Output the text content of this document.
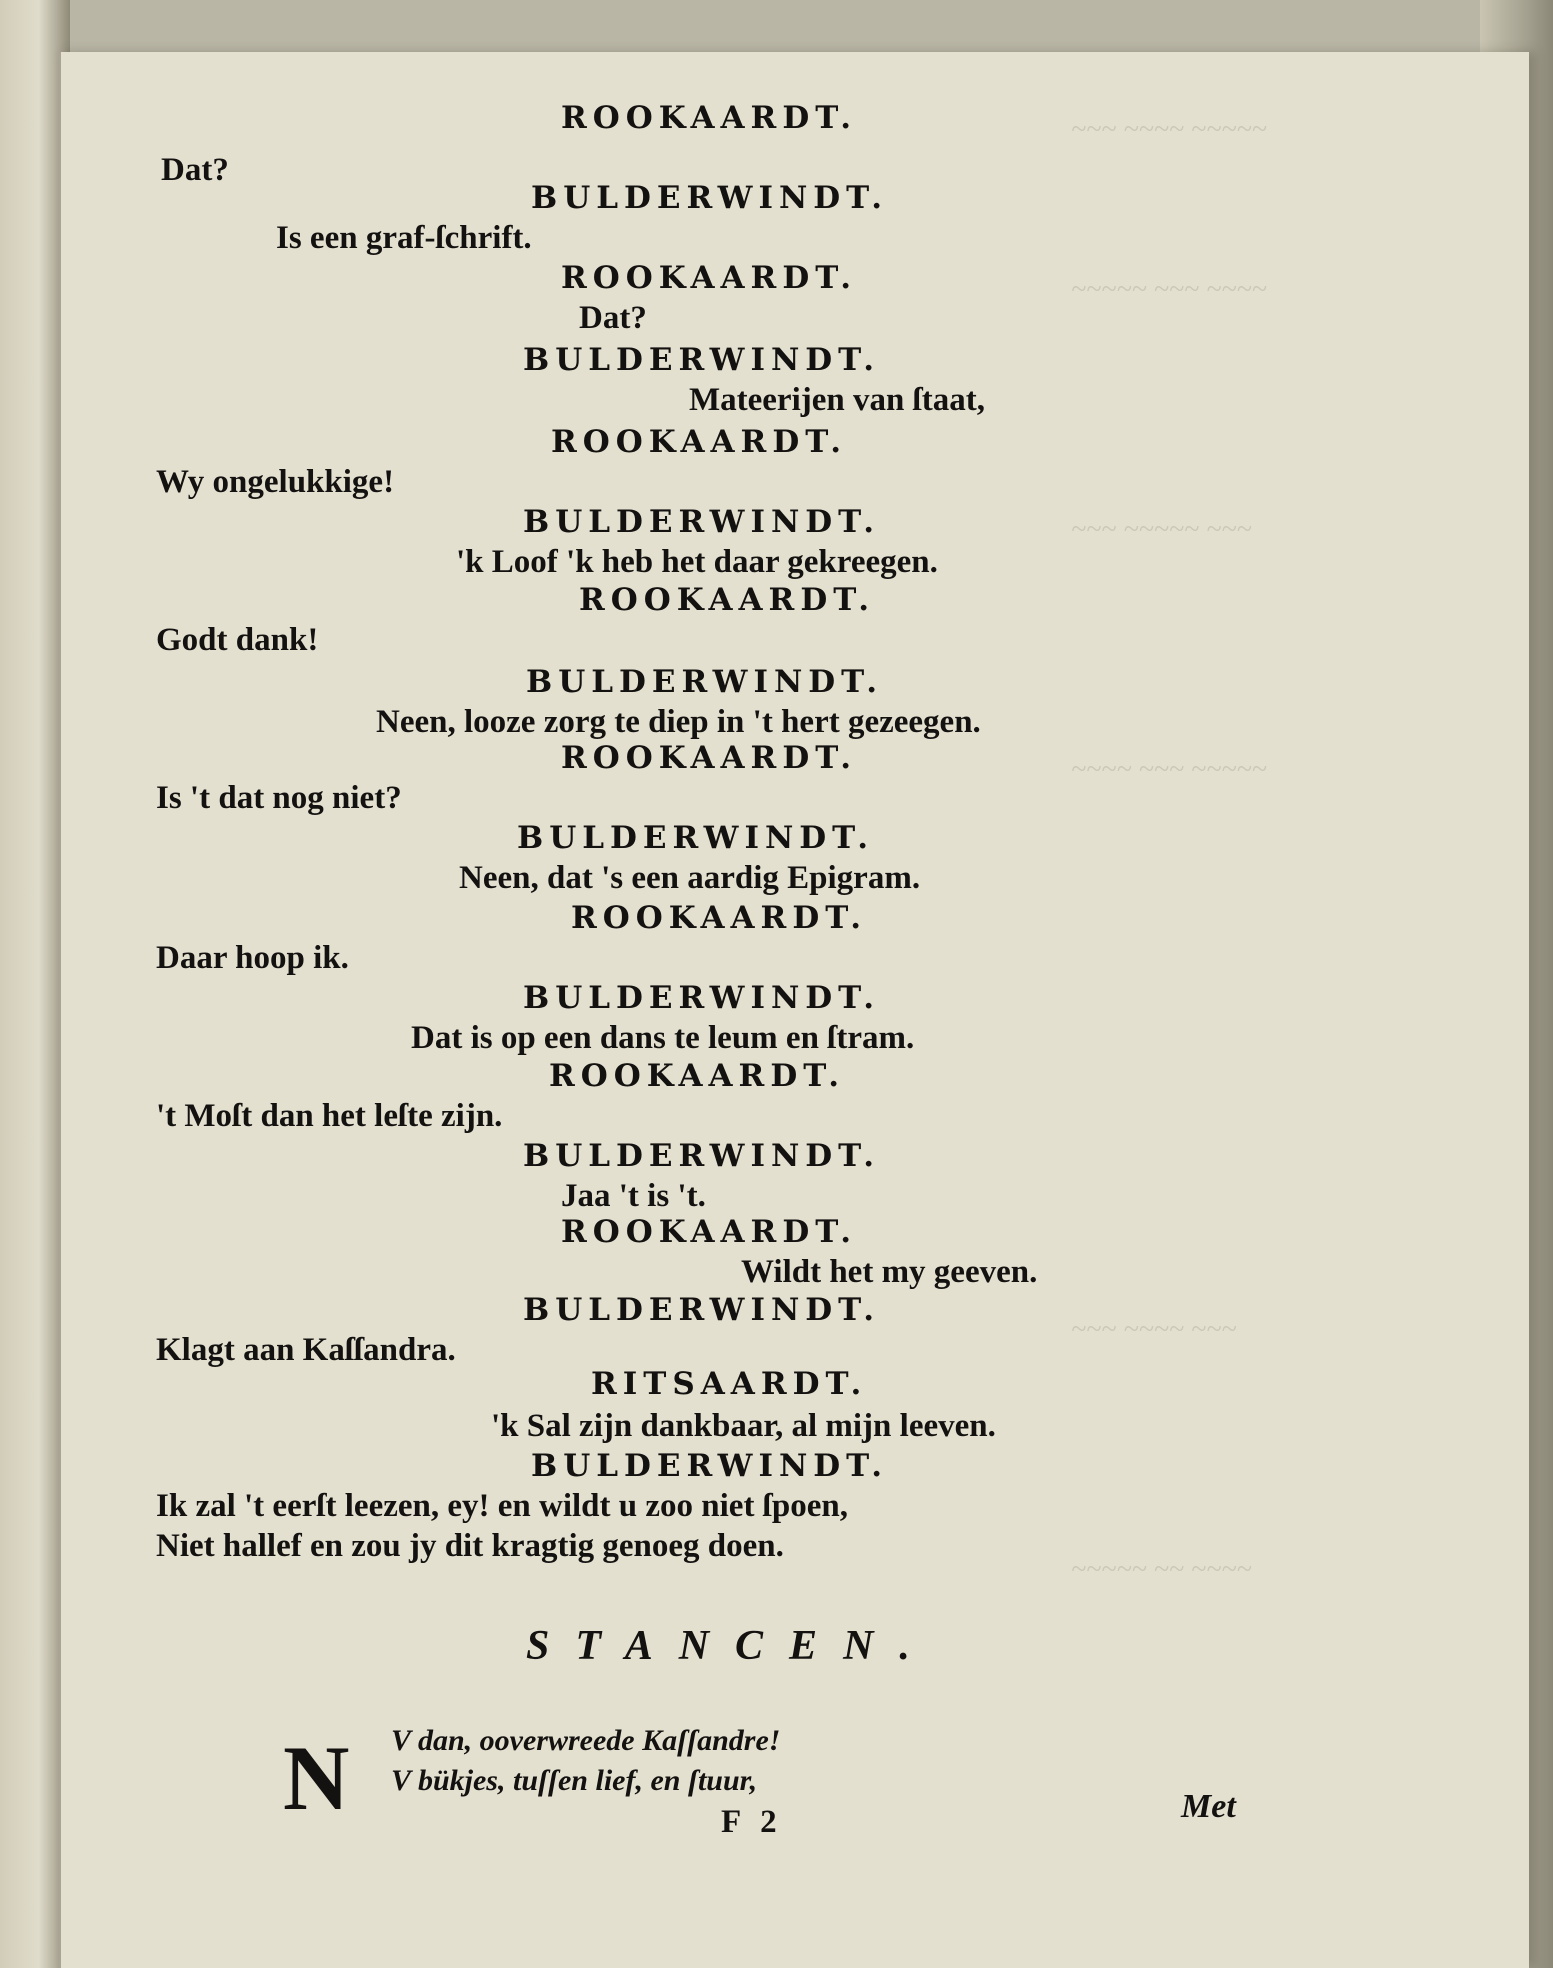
~~~ ~~~~ ~~~~~
~~~~~ ~~~ ~~~~
~~~ ~~~~~ ~~~
~~~~ ~~~ ~~~~~
~~~ ~~~~ ~~~
~~~~~ ~~ ~~~~
ROOKAARDT.
Dat?
BULDERWINDT.
Is een graf-ſchrift.
ROOKAARDT.
Dat?
BULDERWINDT.
Mateerijen van ſtaat,
ROOKAARDT.
Wy ongelukkige!
BULDERWINDT.
'k Loof 'k heb het daar gekreegen.
ROOKAARDT.
Godt dank!
BULDERWINDT.
Neen, looze zorg te diep in 't hert gezeegen.
ROOKAARDT.
Is 't dat nog niet?
BULDERWINDT.
Neen, dat 's een aardig Epigram.
ROOKAARDT.
Daar hoop ik.
BULDERWINDT.
Dat is op een dans te leum en ſtram.
ROOKAARDT.
't Moſt dan het leſte zijn.
BULDERWINDT.
Jaa 't is 't.
ROOKAARDT.
Wildt het my geeven.
BULDERWINDT.
Klagt aan Kaſſandra.
RITSAARDT.
'k Sal zijn dankbaar, al mijn leeven.
BULDERWINDT.
Ik zal 't eerſt leezen, ey! en wildt u zoo niet ſpoen,
Niet hallef en zou jy dit kragtig genoeg doen.
STANCEN.
N V dan, ooverwreede Kaſſandre!
V bükjes, tuſſen lief, en ſtuur,
F 2	Met
